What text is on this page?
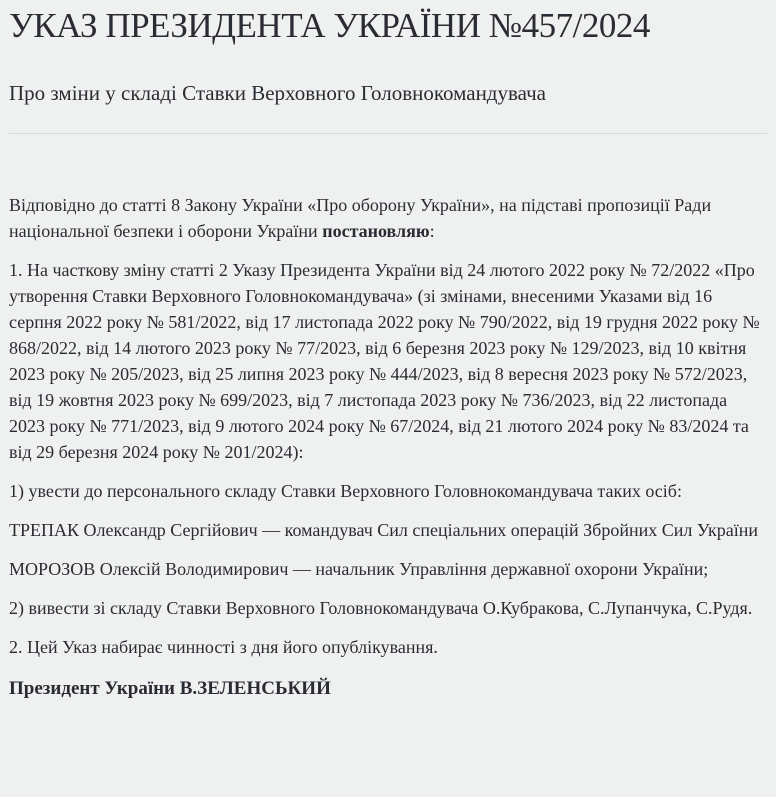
УКАЗ ПРЕЗИДЕНТА УКРАЇНИ №457/2024
Про зміни у складі Ставки Верховного Головнокомандувача

Відповідно до статті 8 Закону України «Про оборону України», на підставі пропозиції Ради національної безпеки і оборони України постановляю:

1. На часткову зміну статті 2 Указу Президента України від 24 лютого 2022 року № 72/2022 «Про утворення Ставки Верховного Головнокомандувача» (зі змінами, внесеними Указами від 16 серпня 2022 року № 581/2022, від 17 листопада 2022 року № 790/2022, від 19 грудня 2022 року № 868/2022, від 14 лютого 2023 року № 77/2023, від 6 березня 2023 року № 129/2023, від 10 квітня 2023 року № 205/2023, від 25 липня 2023 року № 444/2023, від 8 вересня 2023 року № 572/2023, від 19 жовтня 2023 року № 699/2023, від 7 листопада 2023 року № 736/2023, від 22 листопада 2023 року № 771/2023, від 9 лютого 2024 року № 67/2024, від 21 лютого 2024 року № 83/2024 та від 29 березня 2024 року № 201/2024):

1) увести до персонального складу Ставки Верховного Головнокомандувача таких осіб:

ТРЕПАК Олександр Сергійович — командувач Сил спеціальних операцій Збройних Сил України

МОРОЗОВ Олексій Володимирович — начальник Управління державної охорони України;

2) вивести зі складу Ставки Верховного Головнокомандувача О.Кубракова, С.Лупанчука, С.Рудя.

2. Цей Указ набирає чинності з дня його опублікування.

Президент України В.ЗЕЛЕНСЬКИЙ
